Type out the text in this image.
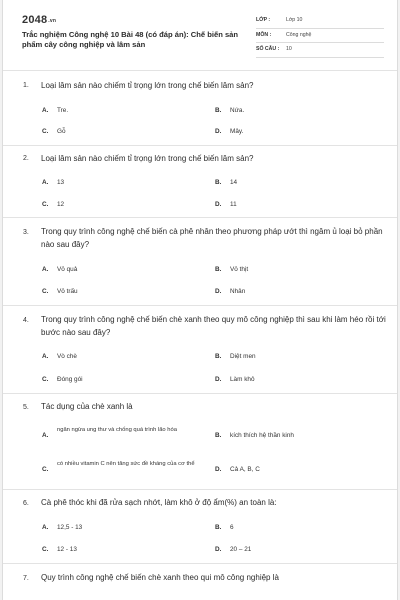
2048.vn
Trắc nghiệm Công nghệ 10 Bài 48 (có đáp án): Chế biến sản phẩm cây công nghiệp và lâm sản
LỚP :	Lớp 10
MÔN :	Công nghệ
SỐ CÂU : 10
1. Loại lâm sản nào chiếm tỉ trọng lớn trong chế biến lâm sản?
A. Tre.	B. Nứa.
C. Gỗ	D. Mây.
2. Loại lâm sản nào chiếm tỉ trọng lớn trong chế biến lâm sản?
A. 13	B. 14
C. 12	D. 11
3. Trong quy trình công nghệ chế biến cà phê nhân theo phương pháp ướt thì ngâm ủ loại bỏ phần nào sau đây?
A. Vỏ quả	B. Vỏ thịt
C. Vỏ trấu	D. Nhân
4. Trong quy trình công nghệ chế biến chè xanh theo quy mô công nghiệp thì sau khi làm héo rồi tới bước nào sau đây?
A. Vò chè	B. Diệt men
C. Đóng gói	D. Làm khô
5. Tác dụng của chè xanh là
A.
ngăn ngừa ung thư và chống quá trình lão hóa
B. kích thích hệ thần kinh
C.
có nhiều vitamin C nên tăng sức đề kháng của cơ thể
D. Cả A, B, C
6. Cà phê thóc khi đã rửa sạch nhớt, làm khô ở độ ẩm(%) an toàn là:
A. 12,5 - 13	B. 6
C. 12 - 13	D. 20 – 21
7. Quy trình công nghệ chế biến chè xanh theo qui mô công nghiệp là
